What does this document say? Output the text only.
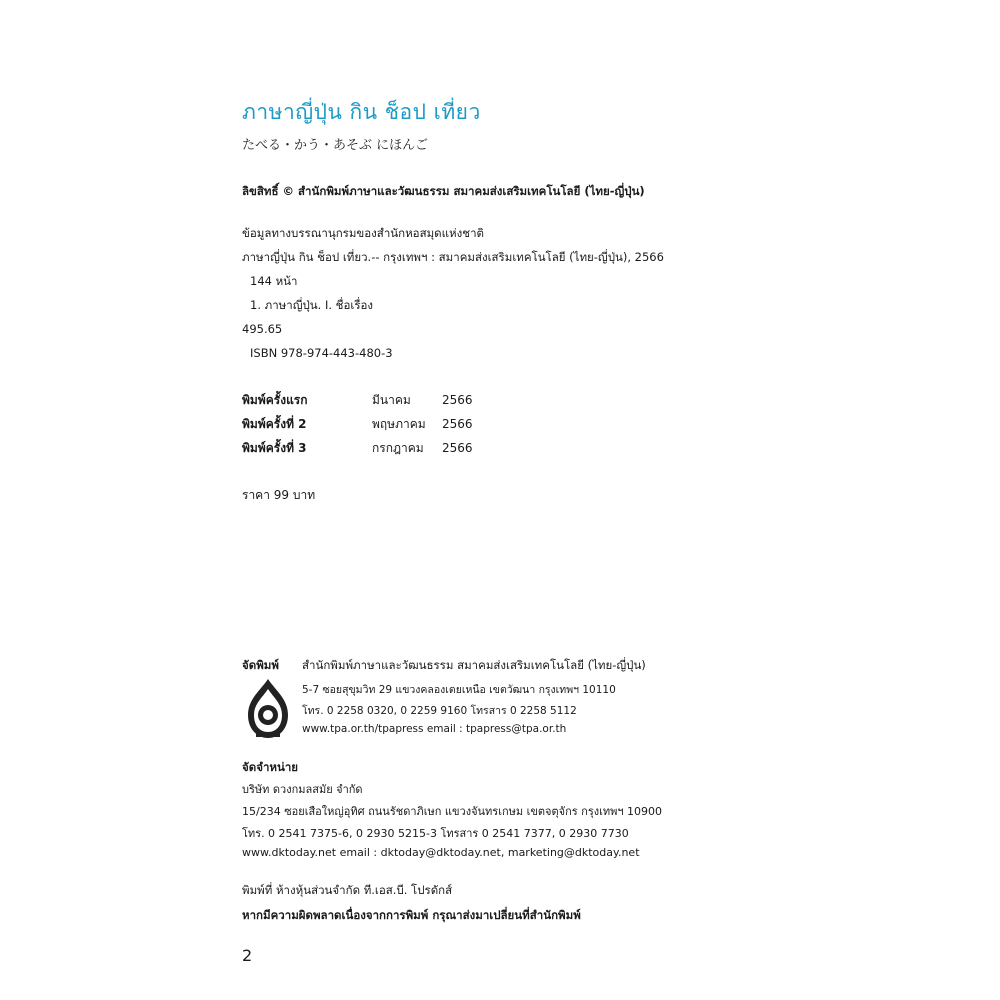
ภาษาญี่ปุ่น กิน ช็อป เที่ยว
たべる・かう・あそぶ にほんご
ลิขสิทธิ์ © สำนักพิมพ์ภาษาและวัฒนธรรม สมาคมส่งเสริมเทคโนโลยี (ไทย-ญี่ปุ่น)
ข้อมูลทางบรรณานุกรมของสำนักหอสมุดแห่งชาติ
ภาษาญี่ปุ่น กิน ช็อป เที่ยว.-- กรุงเทพฯ : สมาคมส่งเสริมเทคโนโลยี (ไทย-ญี่ปุ่น), 2566
144 หน้า
1. ภาษาญี่ปุ่น. I. ชื่อเรื่อง
495.65
ISBN 978-974-443-480-3
พิมพ์ครั้งแรก	มีนาคม	2566
พิมพ์ครั้งที่ 2	พฤษภาคม 2566
พิมพ์ครั้งที่ 3	กรกฎาคม 2566
ราคา 99 บาท
จัดพิมพ์ สำนักพิมพ์ภาษาและวัฒนธรรม สมาคมส่งเสริมเทคโนโลยี (ไทย-ญี่ปุ่น)
5-7 ซอยสุขุมวิท 29 แขวงคลองเตยเหนือ เขตวัฒนา กรุงเทพฯ 10110
โทร. 0 2258 0320, 0 2259 9160 โทรสาร 0 2258 5112
www.tpa.or.th/tpapress email : tpapress@tpa.or.th
จัดจำหน่าย
บริษัท ดวงกมลสมัย จำกัด
15/234 ซอยเสือใหญ่อุทิศ ถนนรัชดาภิเษก แขวงจันทรเกษม เขตจตุจักร กรุงเทพฯ 10900
โทร. 0 2541 7375-6, 0 2930 5215-3 โทรสาร 0 2541 7377, 0 2930 7730
www.dktoday.net email : dktoday@dktoday.net, marketing@dktoday.net
พิมพ์ที่ ห้างหุ้นส่วนจำกัด ที.เอส.บี. โปรดักส์
หากมีความผิดพลาดเนื่องจากการพิมพ์ กรุณาส่งมาเปลี่ยนที่สำนักพิมพ์
2
